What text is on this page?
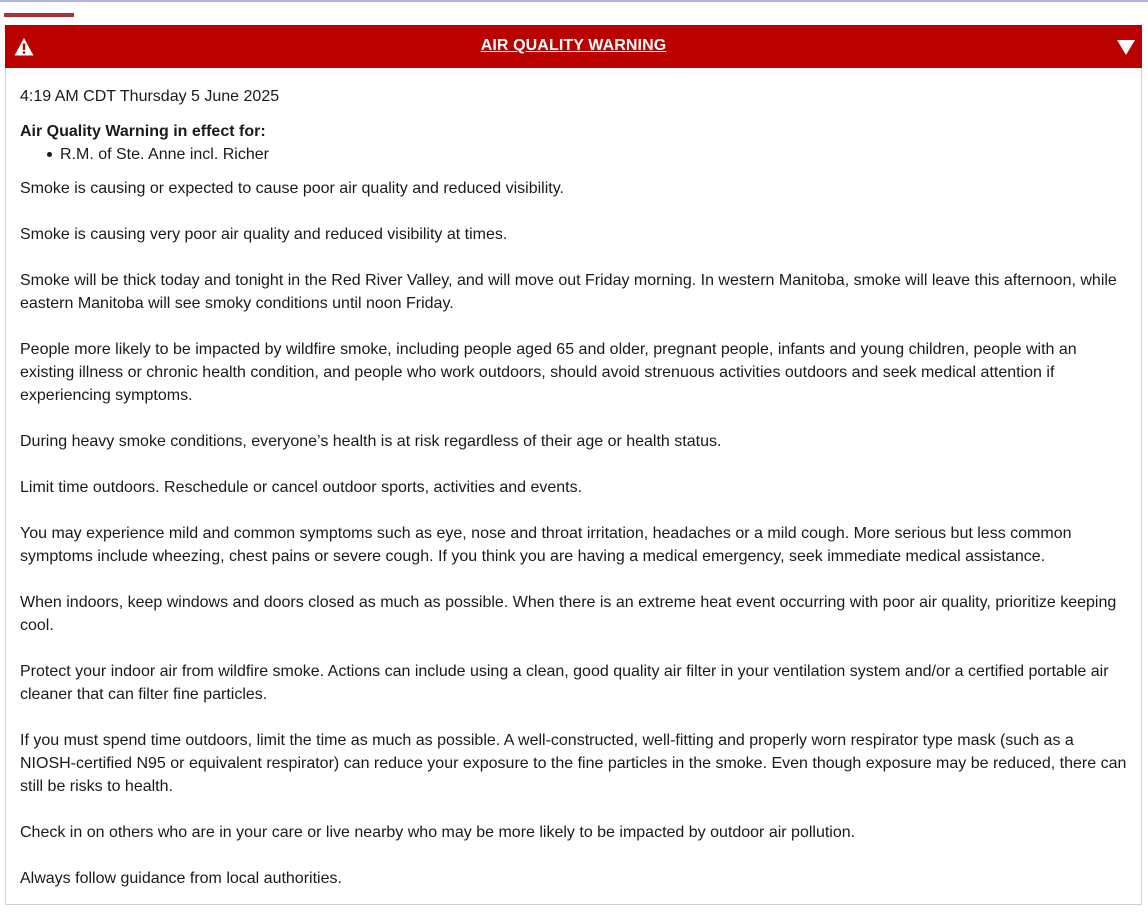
AIR QUALITY WARNING

4:19 AM CDT Thursday 5 June 2025

Air Quality Warning in effect for:

R.M. of Ste. Anne incl. Richer

Smoke is causing or expected to cause poor air quality and reduced visibility.

Smoke is causing very poor air quality and reduced visibility at times.

Smoke will be thick today and tonight in the Red River Valley, and will move out Friday morning. In western Manitoba, smoke will leave this afternoon, while eastern Manitoba will see smoky conditions until noon Friday.

People more likely to be impacted by wildfire smoke, including people aged 65 and older, pregnant people, infants and young children, people with an existing illness or chronic health condition, and people who work outdoors, should avoid strenuous activities outdoors and seek medical attention if experiencing symptoms.

During heavy smoke conditions, everyone’s health is at risk regardless of their age or health status.

Limit time outdoors. Reschedule or cancel outdoor sports, activities and events.

You may experience mild and common symptoms such as eye, nose and throat irritation, headaches or a mild cough. More serious but less common symptoms include wheezing, chest pains or severe cough. If you think you are having a medical emergency, seek immediate medical assistance.

When indoors, keep windows and doors closed as much as possible. When there is an extreme heat event occurring with poor air quality, prioritize keeping cool.

Protect your indoor air from wildfire smoke. Actions can include using a clean, good quality air filter in your ventilation system and/or a certified portable air cleaner that can filter fine particles.

If you must spend time outdoors, limit the time as much as possible. A well-constructed, well-fitting and properly worn respirator type mask (such as a NIOSH-certified N95 or equivalent respirator) can reduce your exposure to the fine particles in the smoke. Even though exposure may be reduced, there can still be risks to health.

Check in on others who are in your care or live nearby who may be more likely to be impacted by outdoor air pollution.

Always follow guidance from local authorities.
